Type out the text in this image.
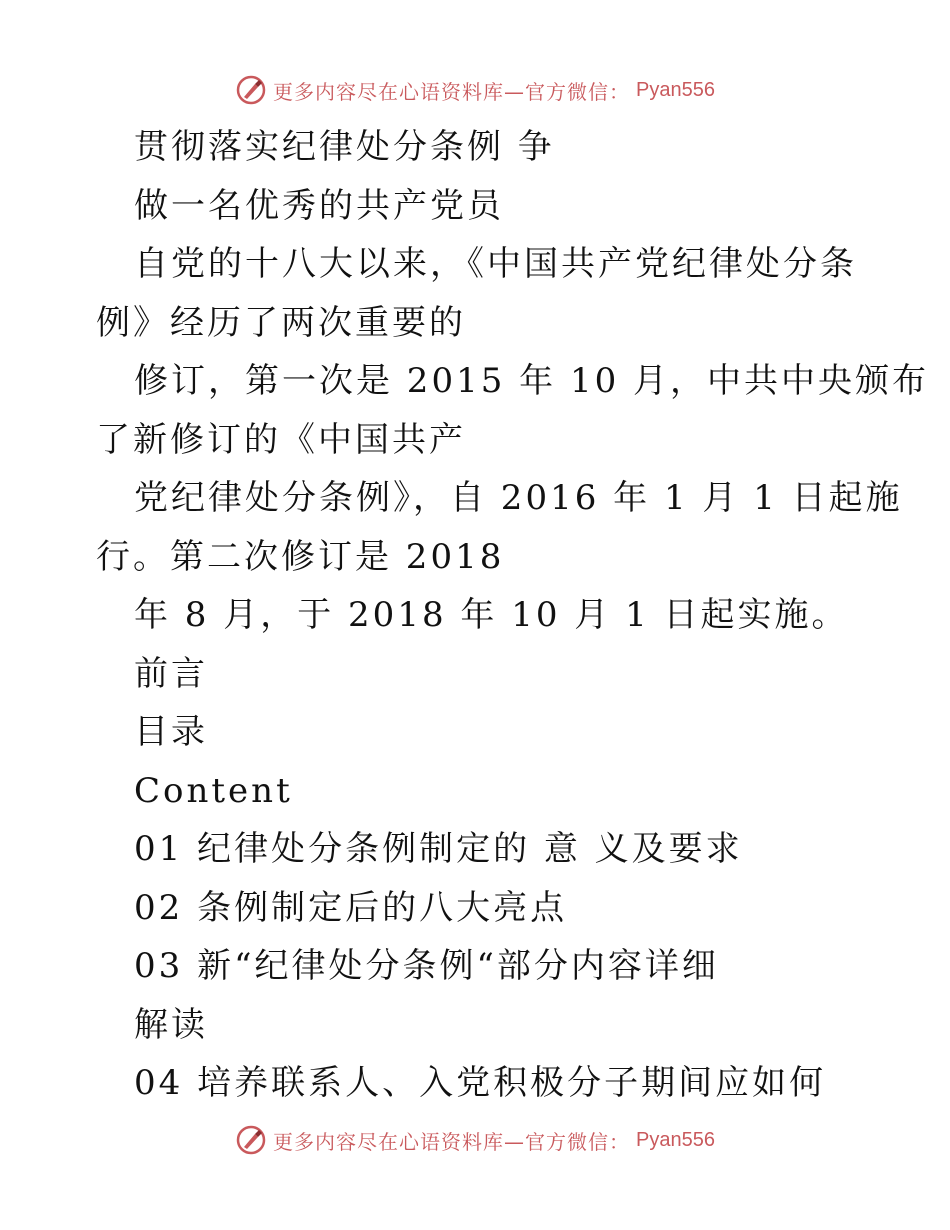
更多内容尽在心语资料库—官方微信： Pyan556
贯彻落实纪律处分条例 争
做一名优秀的共产党员
自党的十八大以来，《中国共产党纪律处分条
例》经历了两次重要的
修订，第一次是 2015 年 10 月，中共中央颁布
了新修订的《中国共产
党纪律处分条例》，自 2016 年 1 月 1 日起施
行。第二次修订是 2018
年 8 月，于 2018 年 10 月 1 日起实施。
前言
目录
Content
01 纪律处分条例制定的 意 义及要求
02 条例制定后的八大亮点
03 新“纪律处分条例“部分内容详细
解读
04 培养联系人、入党积极分子期间应如何
更多内容尽在心语资料库—官方微信： Pyan556
